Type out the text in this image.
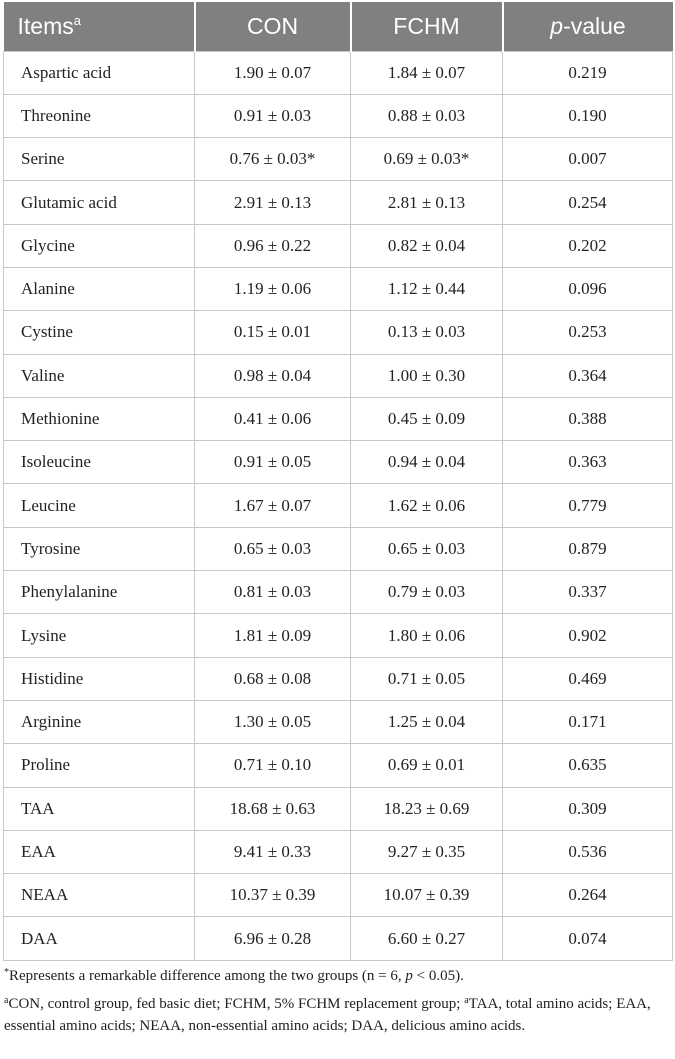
Items$^a$	CON	FCHM	p-value
Aspartic acid	1.90 ± 0.07	1.84 ± 0.07	0.219
Threonine	0.91 ± 0.03	0.88 ± 0.03	0.190
Serine	0.76 ± 0.03*	0.69 ± 0.03*	0.007
Glutamic acid	2.91 ± 0.13	2.81 ± 0.13	0.254
Glycine	0.96 ± 0.22	0.82 ± 0.04	0.202
Alanine	1.19 ± 0.06	1.12 ± 0.44	0.096
Cystine	0.15 ± 0.01	0.13 ± 0.03	0.253
Valine	0.98 ± 0.04	1.00 ± 0.30	0.364
Methionine	0.41 ± 0.06	0.45 ± 0.09	0.388
Isoleucine	0.91 ± 0.05	0.94 ± 0.04	0.363
Leucine	1.67 ± 0.07	1.62 ± 0.06	0.779
Tyrosine	0.65 ± 0.03	0.65 ± 0.03	0.879
Phenylalanine	0.81 ± 0.03	0.79 ± 0.03	0.337
Lysine	1.81 ± 0.09	1.80 ± 0.06	0.902
Histidine	0.68 ± 0.08	0.71 ± 0.05	0.469
Arginine	1.30 ± 0.05	1.25 ± 0.04	0.171
Proline	0.71 ± 0.10	0.69 ± 0.01	0.635
TAA	18.68 ± 0.63	18.23 ± 0.69	0.309
EAA	9.41 ± 0.33	9.27 ± 0.35	0.536
NEAA	10.37 ± 0.39	10.07 ± 0.39	0.264
DAA	6.96 ± 0.28	6.60 ± 0.27	0.074

*Represents a remarkable difference among the two groups (n = 6, p < 0.05).

$^a$CON, control group, fed basic diet; FCHM, 5% FCHM replacement group; $^a$TAA, total amino acids; EAA, essential amino acids; NEAA, non-essential amino acids; DAA, delicious amino acids.
